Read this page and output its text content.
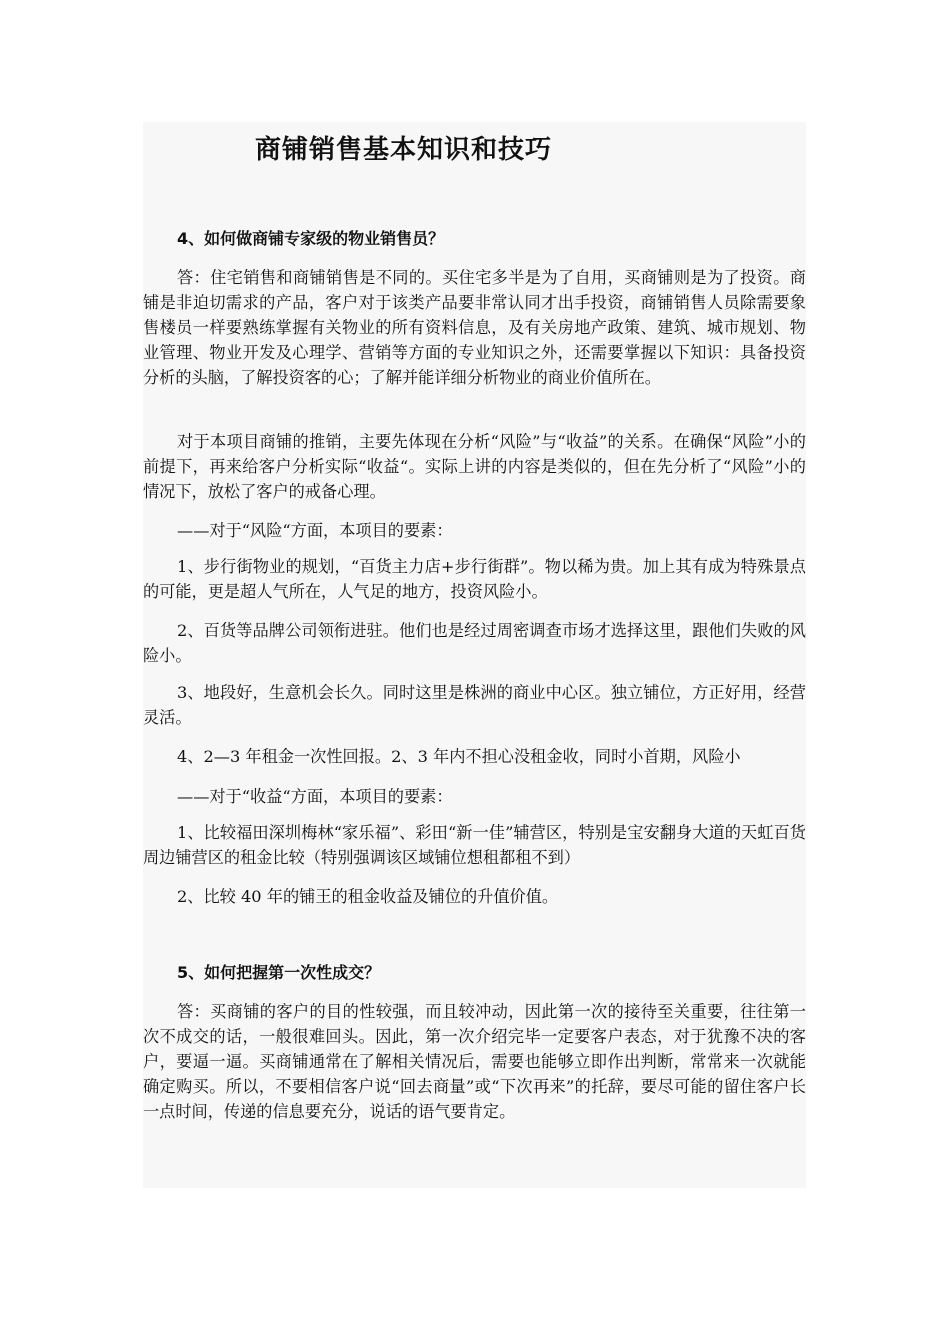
商铺销售基本知识和技巧
4、如何做商铺专家级的物业销售员？

答：住宅销售和商铺销售是不同的。买住宅多半是为了自用，买商铺则是为了投资。商铺是非迫切需求的产品，客户对于该类产品要非常认同才出手投资，商铺销售人员除需要象售楼员一样要熟练掌握有关物业的所有资料信息，及有关房地产政策、建筑、城市规划、物业管理、物业开发及心理学、营销等方面的专业知识之外，还需要掌握以下知识：具备投资分析的头脑，了解投资客的心；了解并能详细分析物业的商业价值所在。

对于本项目商铺的推销，主要先体现在分析“风险”与“收益”的关系。在确保“风险”小的前提下，再来给客户分析实际“收益“。实际上讲的内容是类似的，但在先分析了“风险”小的情况下，放松了客户的戒备心理。

——对于“风险“方面，本项目的要素：

1、步行街物业的规划，“百货主力店+步行街群”。物以稀为贵。加上其有成为特殊景点的可能，更是超人气所在，人气足的地方，投资风险小。

2、百货等品牌公司领衔进驻。他们也是经过周密调查市场才选择这里，跟他们失败的风险小。

3、地段好，生意机会长久。同时这里是株洲的商业中心区。独立铺位，方正好用，经营灵活。

4、2—3 年租金一次性回报。2、3 年内不担心没租金收，同时小首期，风险小

——对于“收益“方面，本项目的要素：

1、比较福田深圳梅林“家乐福”、彩田“新一佳”辅营区，特别是宝安翻身大道的天虹百货周边铺营区的租金比较（特别强调该区域铺位想租都租不到）

2、比较 40 年的铺王的租金收益及铺位的升值价值。

5、如何把握第一次性成交？

答：买商铺的客户的目的性较强，而且较冲动，因此第一次的接待至关重要，往往第一次不成交的话，一般很难回头。因此，第一次介绍完毕一定要客户表态，对于犹豫不决的客户，要逼一逼。买商铺通常在了解相关情况后，需要也能够立即作出判断，常常来一次就能确定购买。所以，不要相信客户说“回去商量”或“下次再来”的托辞，要尽可能的留住客户长一点时间，传递的信息要充分，说话的语气要肯定。
